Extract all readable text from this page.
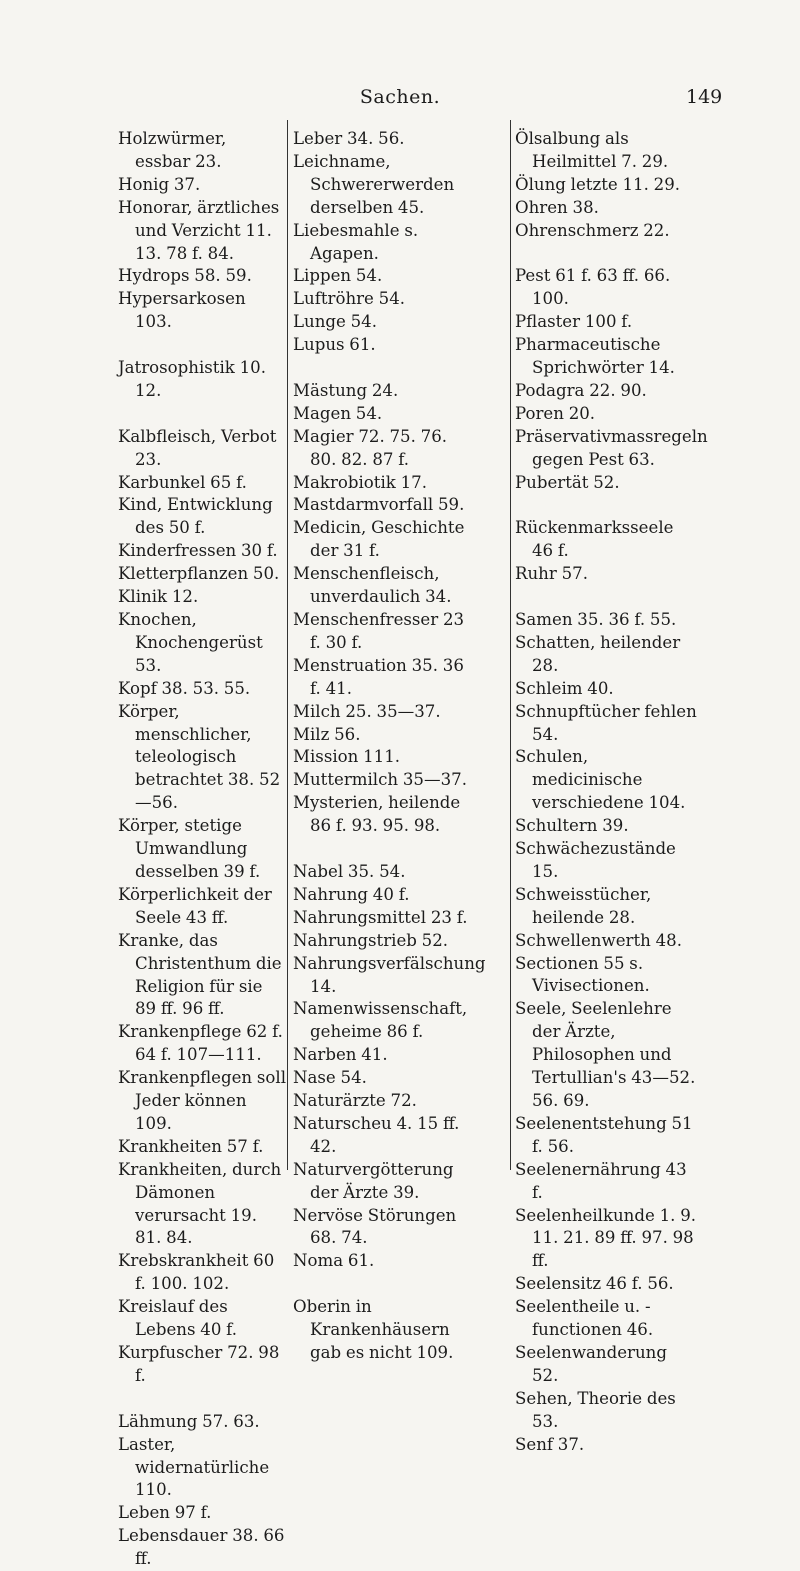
Sachen.	149
Holzwürmer, essbar 23.
Honig 37.
Honorar, ärztliches und Verzicht 11. 13. 78 f. 84.
Hydrops 58. 59.
Hypersarkosen 103.
Jatrosophistik 10. 12.
Kalbfleisch, Verbot 23.
Karbunkel 65 f.
Kind, Entwicklung des 50 f.
Kinderfressen 30 f.
Kletterpflanzen 50.
Klinik 12.
Knochen, Knochengerüst 53.
Kopf 38. 53. 55.
Körper, menschlicher, teleologisch betrachtet 38. 52—56.
Körper, stetige Umwandlung desselben 39 f.
Körperlichkeit der Seele 43 ff.
Kranke, das Christenthum die Religion für sie 89 ff. 96 ff.
Krankenpflege 62 f. 64 f. 107—111.
Krankenpflegen soll Jeder können 109.
Krankheiten 57 f.
Krankheiten, durch Dämonen verursacht 19. 81. 84.
Krebskrankheit 60 f. 100. 102.
Kreislauf des Lebens 40 f.
Kurpfuscher 72. 98 f.
Lähmung 57. 63.
Laster, widernatürliche 110.
Leben 97 f.
Lebensdauer 38. 66 ff.
Leber 34. 56.
Leichname, Schwererwerden derselben 45.
Liebesmahle s. Agapen.
Lippen 54.
Luftröhre 54.
Lunge 54.
Lupus 61.
Mästung 24.
Magen 54.
Magier 72. 75. 76. 80. 82. 87 f.
Makrobiotik 17.
Mastdarmvorfall 59.
Medicin, Geschichte der 31 f.
Menschenfleisch, unverdaulich 34.
Menschenfresser 23 f. 30 f.
Menstruation 35. 36 f. 41.
Milch 25. 35—37.
Milz 56.
Mission 111.
Muttermilch 35—37.
Mysterien, heilende 86 f. 93. 95. 98.
Nabel 35. 54.
Nahrung 40 f.
Nahrungsmittel 23 f.
Nahrungstrieb 52.
Nahrungsverfälschung 14.
Namenwissenschaft, geheime 86 f.
Narben 41.
Nase 54.
Naturärzte 72.
Naturscheu 4. 15 ff. 42.
Naturvergötterung der Ärzte 39.
Nervöse Störungen 68. 74.
Noma 61.
Oberin in Krankenhäusern gab es nicht 109.
Ölsalbung als Heilmittel 7. 29.
Ölung letzte 11. 29.
Ohren 38.
Ohrenschmerz 22.
Pest 61 f. 63 ff. 66. 100.
Pflaster 100 f.
Pharmaceutische Sprichwörter 14.
Podagra 22. 90.
Poren 20.
Präservativmassregeln gegen Pest 63.
Pubertät 52.
Rückenmarksseele 46 f.
Ruhr 57.
Samen 35. 36 f. 55.
Schatten, heilender 28.
Schleim 40.
Schnupftücher fehlen 54.
Schulen, medicinische verschiedene 104.
Schultern 39.
Schwächezustände 15.
Schweisstücher, heilende 28.
Schwellenwerth 48.
Sectionen 55 s. Vivisectionen.
Seele, Seelenlehre der Ärzte, Philosophen und Tertullian's 43—52. 56. 69.
Seelenentstehung 51 f. 56.
Seelenernährung 43 f.
Seelenheilkunde 1. 9. 11. 21. 89 ff. 97. 98 ff.
Seelensitz 46 f. 56.
Seelentheile u. -functionen 46.
Seelenwanderung 52.
Sehen, Theorie des 53.
Senf 37.
